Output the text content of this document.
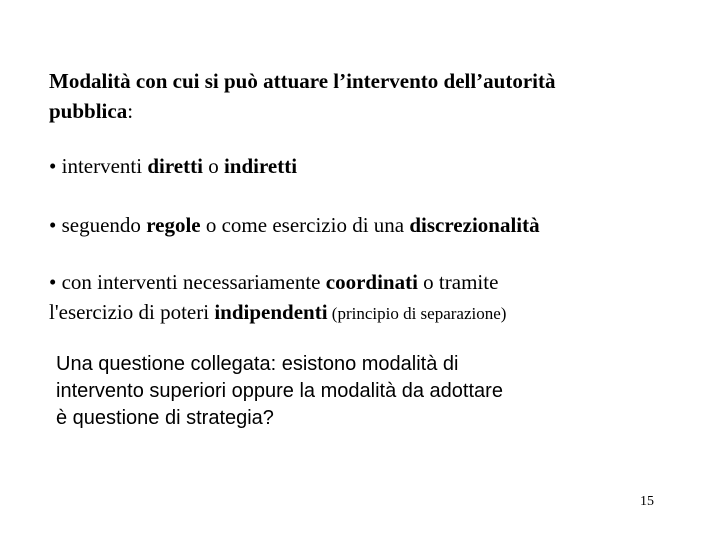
Modalità con cui si può attuare l’intervento dell’autorità
pubblica:
• interventi diretti o indiretti
• seguendo regole o come esercizio di una discrezionalità
• con interventi necessariamente coordinati o tramite
l'esercizio di poteri indipendenti (principio di separazione)
Una questione collegata: esistono modalità di
intervento superiori oppure la modalità da adottare
è questione di strategia?
15
